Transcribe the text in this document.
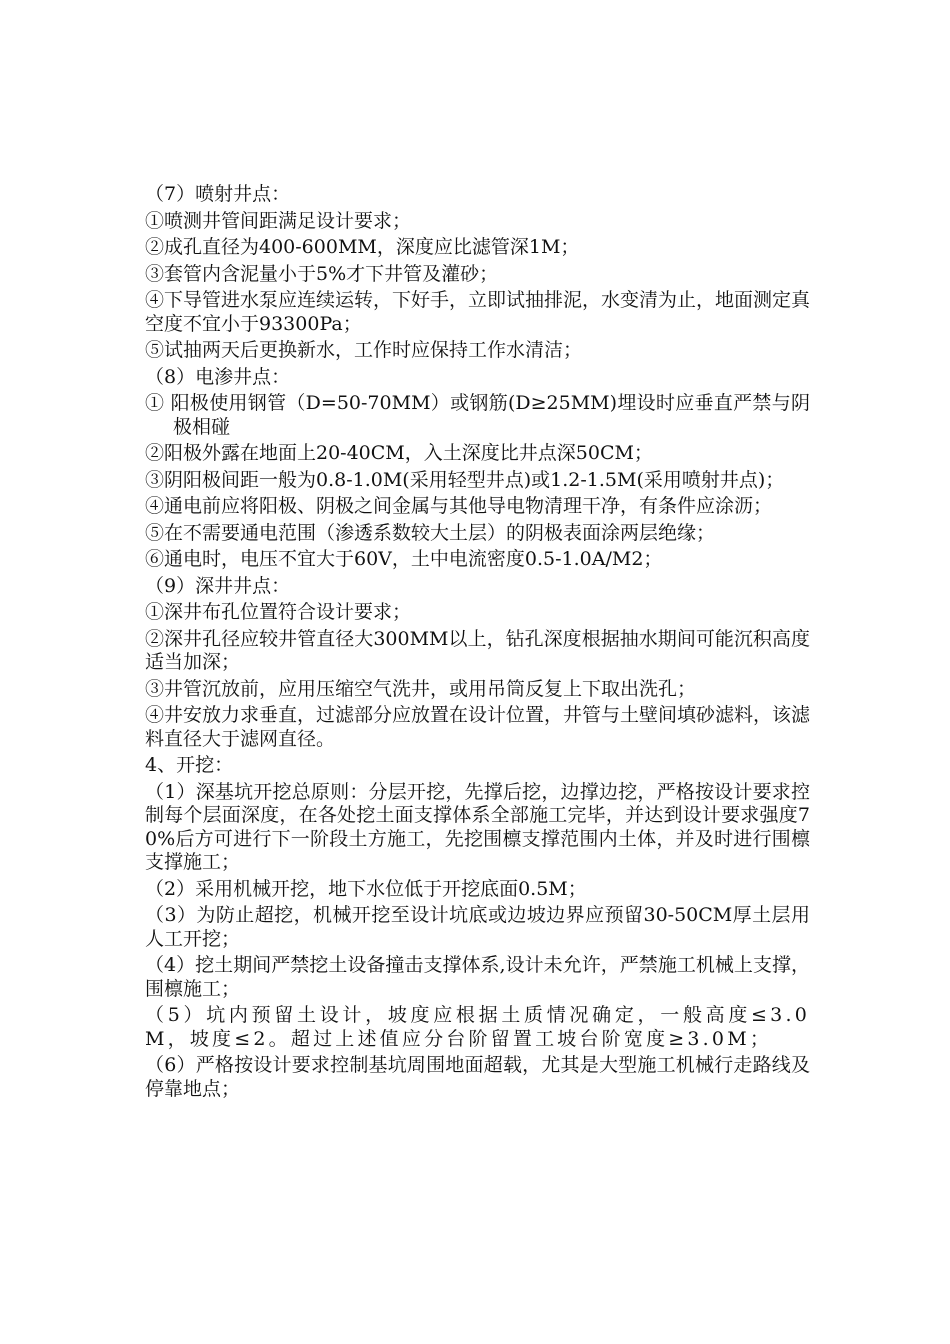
（7）喷射井点：

①喷测井管间距满足设计要求；

②成孔直径为400-600MM，深度应比滤管深1M；

③套管内含泥量小于5%才下井管及灌砂；

④下导管进水泵应连续运转，下好手，立即试抽排泥，水变清为止，地面测定真空度不宜小于93300Pa；

⑤试抽两天后更换新水，工作时应保持工作水清洁；

（8）电渗井点：

① 阳极使用钢管（D=50-70MM）或钢筋(D≥25MM)埋设时应垂直严禁与阴极相碰

②阳极外露在地面上20-40CM，入土深度比井点深50CM；

③阴阳极间距一般为0.8-1.0M(采用轻型井点)或1.2-1.5M(采用喷射井点)；

④通电前应将阳极、阴极之间金属与其他导电物清理干净，有条件应涂沥；

⑤在不需要通电范围（渗透系数较大土层）的阴极表面涂两层绝缘；

⑥通电时，电压不宜大于60V，土中电流密度0.5-1.0A/M2；

（9）深井井点：

①深井布孔位置符合设计要求；

②深井孔径应较井管直径大300MM以上，钻孔深度根据抽水期间可能沉积高度适当加深；

③井管沉放前，应用压缩空气洗井，或用吊筒反复上下取出洗孔；

④井安放力求垂直，过滤部分应放置在设计位置，井管与土壁间填砂滤料，该滤料直径大于滤网直径。

4、开挖：

（1）深基坑开挖总原则：分层开挖，先撑后挖，边撑边挖，严格按设计要求控制每个层面深度，在各处挖土面支撑体系全部施工完毕，并达到设计要求强度70%后方可进行下一阶段土方施工，先挖围檩支撑范围内土体，并及时进行围檩支撑施工；

（2）采用机械开挖，地下水位低于开挖底面0.5M；

（3）为防止超挖，机械开挖至设计坑底或边坡边界应预留30-50CM厚土层用人工开挖；

（4）挖土期间严禁挖土设备撞击支撑体系,设计未允许，严禁施工机械上支撑，围檩施工；

（5）坑内预留土设计，坡度应根据土质情况确定，一般高度≤3.0M，坡度≤2。超过上述值应分台阶留置工坡台阶宽度≥3.0M；

（6）严格按设计要求控制基坑周围地面超载，尤其是大型施工机械行走路线及停靠地点；
